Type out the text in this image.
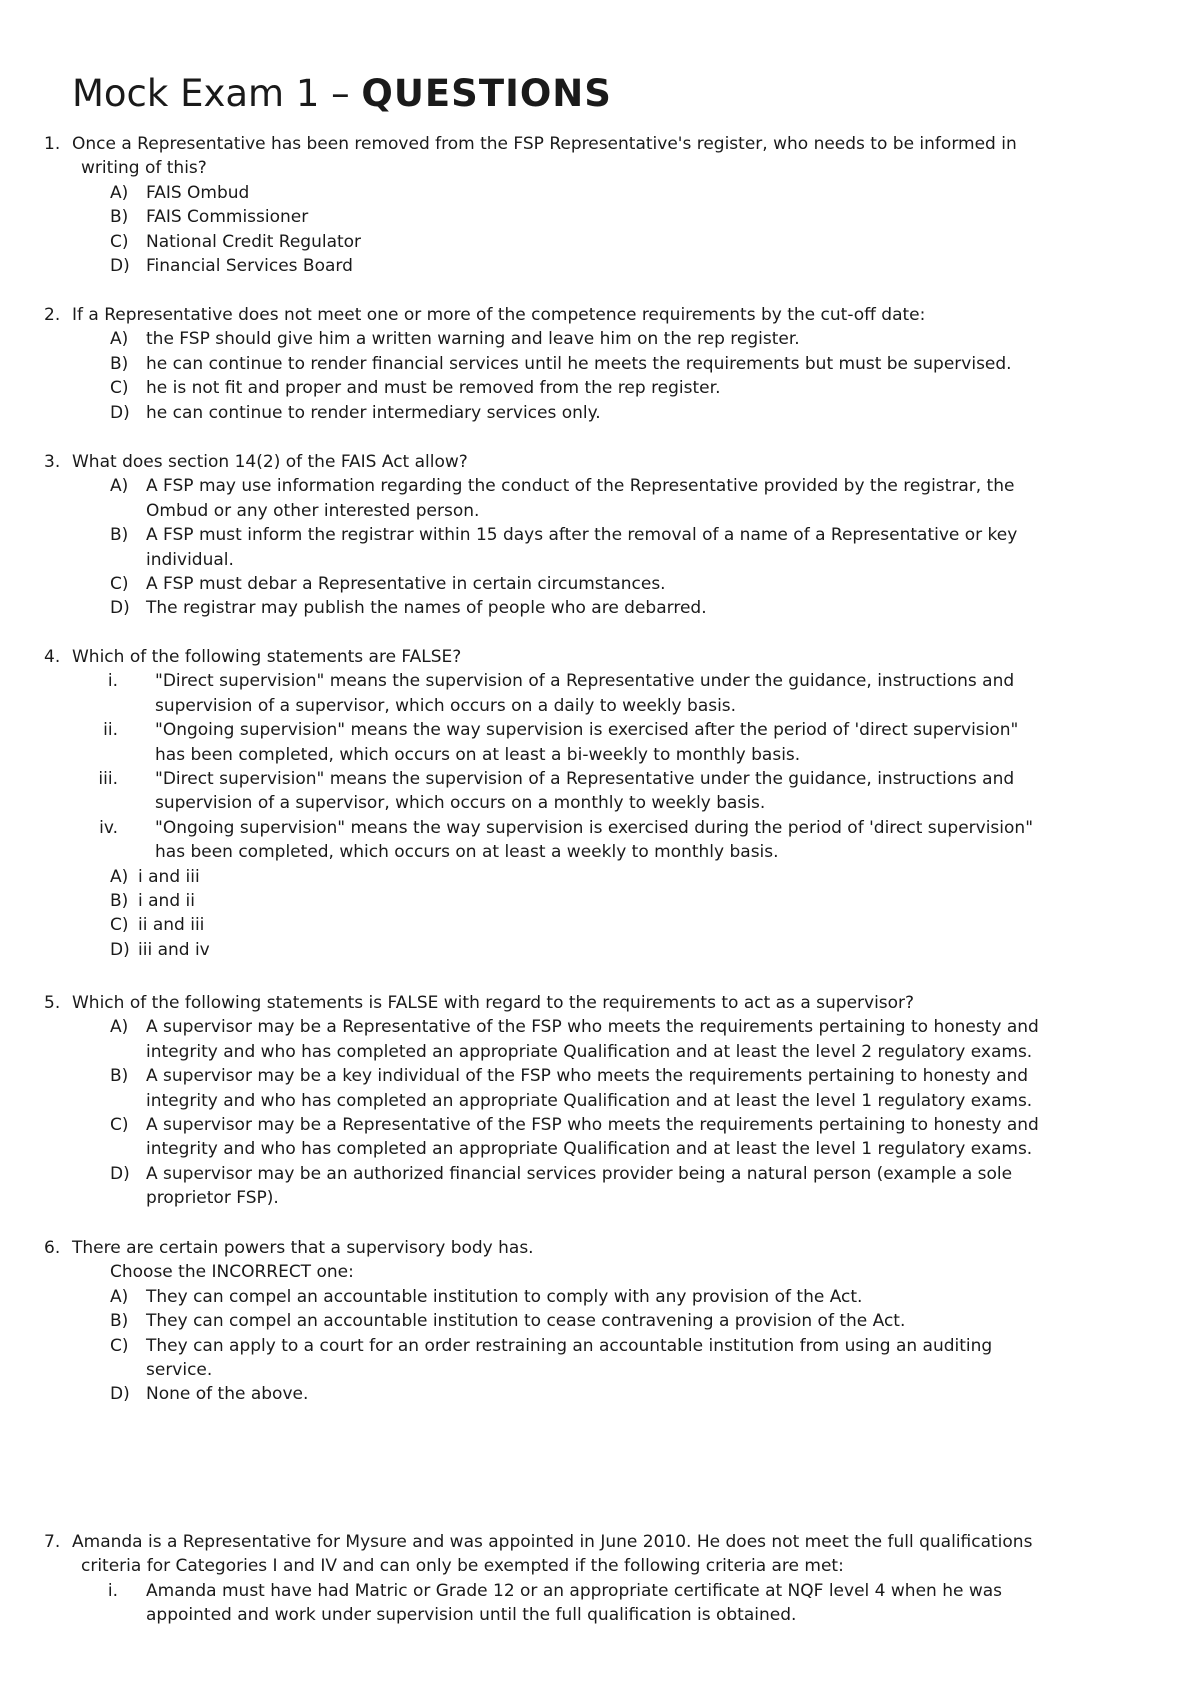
Mock Exam 1 – QUESTIONS
1. Once a Representative has been removed from the FSP Representative's register, who needs to be informed in
writing of this?
A) FAIS Ombud
B) FAIS Commissioner
C) National Credit Regulator
D) Financial Services Board
2. If a Representative does not meet one or more of the competence requirements by the cut-off date:
A) the FSP should give him a written warning and leave him on the rep register.
B) he can continue to render financial services until he meets the requirements but must be supervised.
C) he is not fit and proper and must be removed from the rep register.
D) he can continue to render intermediary services only.
3. What does section 14(2) of the FAIS Act allow?
A) A FSP may use information regarding the conduct of the Representative provided by the registrar, the
Ombud or any other interested person.
B) A FSP must inform the registrar within 15 days after the removal of a name of a Representative or key
individual.
C) A FSP must debar a Representative in certain circumstances.
D) The registrar may publish the names of people who are debarred.
4. Which of the following statements are FALSE?
i. "Direct supervision" means the supervision of a Representative under the guidance, instructions and
supervision of a supervisor, which occurs on a daily to weekly basis.
ii. "Ongoing supervision" means the way supervision is exercised after the period of 'direct supervision"
has been completed, which occurs on at least a bi-weekly to monthly basis.
iii. "Direct supervision" means the supervision of a Representative under the guidance, instructions and
supervision of a supervisor, which occurs on a monthly to weekly basis.
iv. "Ongoing supervision" means the way supervision is exercised during the period of 'direct supervision"
has been completed, which occurs on at least a weekly to monthly basis.
A) i and iii
B) i and ii
C) ii and iii
D) iii and iv
5. Which of the following statements is FALSE with regard to the requirements to act as a supervisor?
A) A supervisor may be a Representative of the FSP who meets the requirements pertaining to honesty and
integrity and who has completed an appropriate Qualification and at least the level 2 regulatory exams.
B) A supervisor may be a key individual of the FSP who meets the requirements pertaining to honesty and
integrity and who has completed an appropriate Qualification and at least the level 1 regulatory exams.
C) A supervisor may be a Representative of the FSP who meets the requirements pertaining to honesty and
integrity and who has completed an appropriate Qualification and at least the level 1 regulatory exams.
D) A supervisor may be an authorized financial services provider being a natural person (example a sole
proprietor FSP).
6. There are certain powers that a supervisory body has.
Choose the INCORRECT one:
A) They can compel an accountable institution to comply with any provision of the Act.
B) They can compel an accountable institution to cease contravening a provision of the Act.
C) They can apply to a court for an order restraining an accountable institution from using an auditing
service.
D) None of the above.
7. Amanda is a Representative for Mysure and was appointed in June 2010. He does not meet the full qualifications
criteria for Categories I and IV and can only be exempted if the following criteria are met:
i. Amanda must have had Matric or Grade 12 or an appropriate certificate at NQF level 4 when he was
appointed and work under supervision until the full qualification is obtained.
